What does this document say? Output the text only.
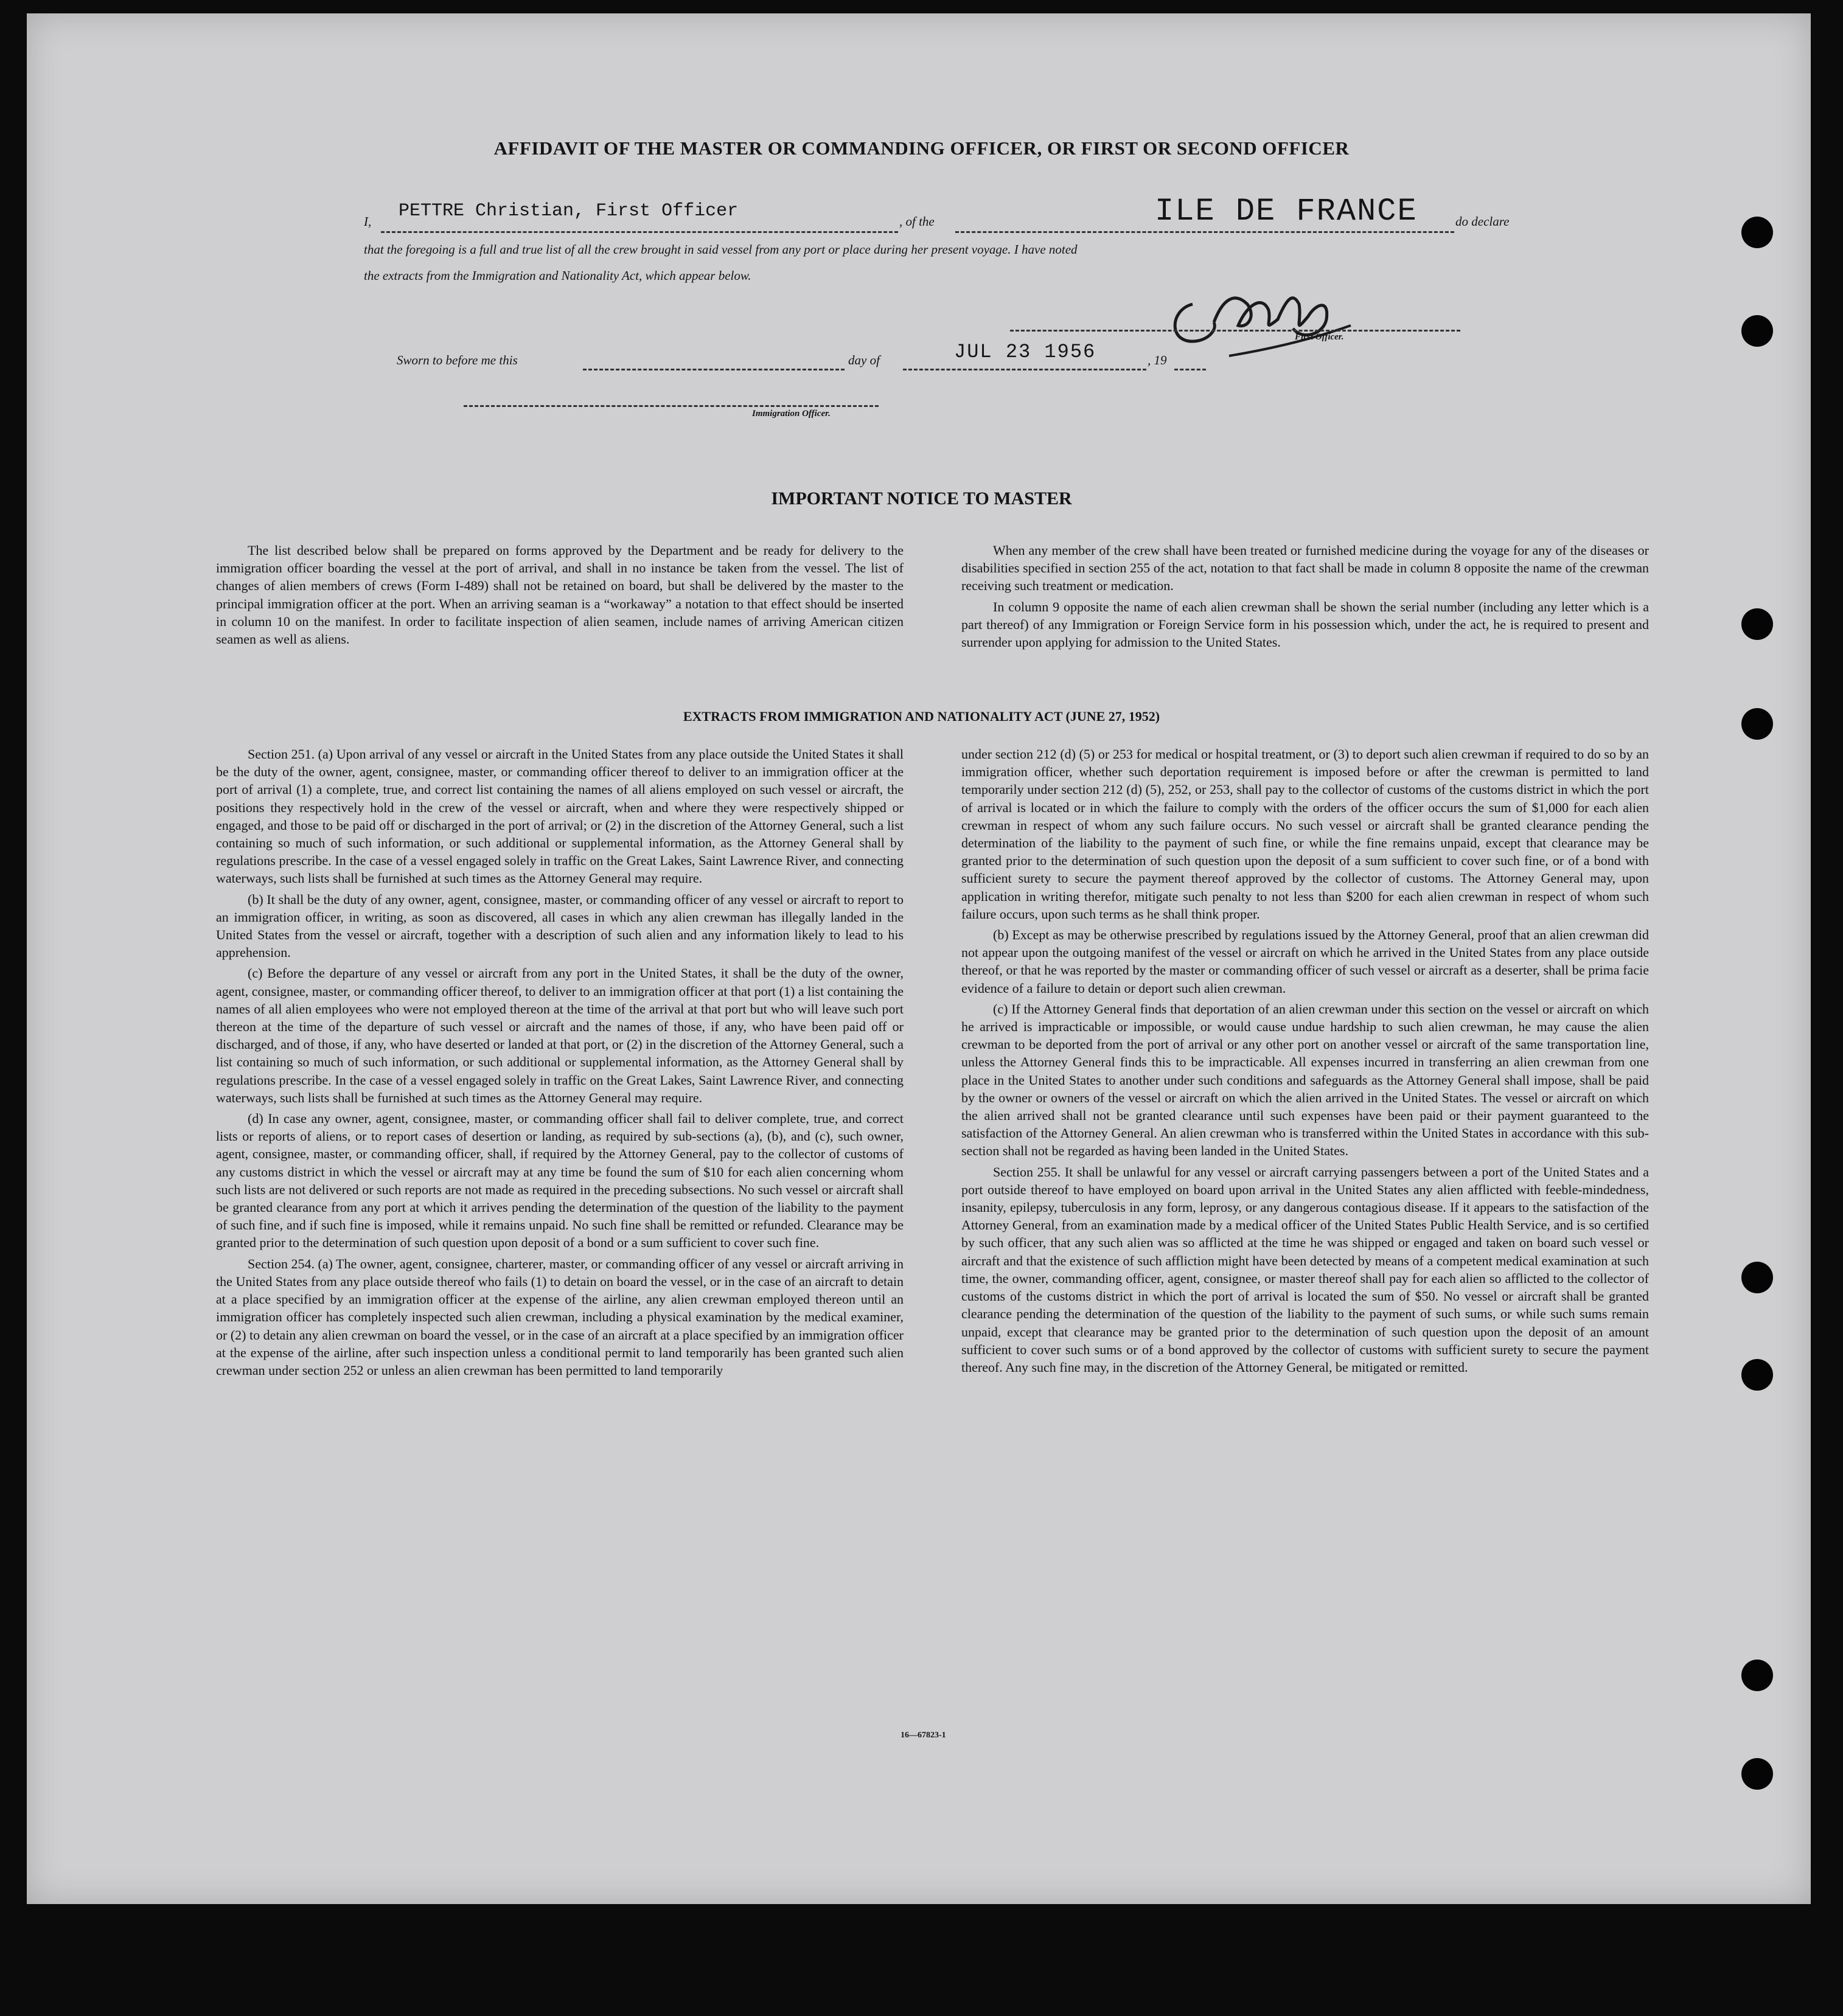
AFFIDAVIT OF THE MASTER OR COMMANDING OFFICER, OR FIRST OR SECOND OFFICER
I, PETTRE Christian, First Officer	, of the	ILE DE FRANCE	do declare
that the foregoing is a full and true list of all the crew brought in said vessel from any port or place during her present voyage. I have noted
the extracts from the Immigration and Nationality Act, which appear below.
First Officer.
Sworn to before me this	day of	JUL 23 1956	, 19
Immigration Officer.
IMPORTANT NOTICE TO MASTER

The list described below shall be prepared on forms approved by the Department and be ready for delivery to the immigration officer boarding the vessel at the port of arrival, and shall in no instance be taken from the vessel. The list of changes of alien members of crews (Form I-489) shall not be retained on board, but shall be delivered by the master to the principal immigration officer at the port. When an arriving seaman is a “workaway” a notation to that effect should be inserted in column 10 on the manifest. In order to facilitate inspection of alien seamen, include names of arriving American citizen seamen as well as aliens.

When any member of the crew shall have been treated or furnished medicine during the voyage for any of the diseases or disabilities specified in section 255 of the act, notation to that fact shall be made in column 8 opposite the name of the crewman receiving such treatment or medication.

In column 9 opposite the name of each alien crewman shall be shown the serial number (including any letter which is a part thereof) of any Immigration or Foreign Service form in his possession which, under the act, he is required to present and surrender upon applying for admission to the United States.

EXTRACTS FROM IMMIGRATION AND NATIONALITY ACT (JUNE 27, 1952)

Section 251. (a) Upon arrival of any vessel or aircraft in the United States from any place outside the United States it shall be the duty of the owner, agent, consignee, master, or commanding officer thereof to deliver to an immigration officer at the port of arrival (1) a complete, true, and correct list containing the names of all aliens employed on such vessel or aircraft, the positions they respectively hold in the crew of the vessel or aircraft, when and where they were respectively shipped or engaged, and those to be paid off or discharged in the port of arrival; or (2) in the discretion of the Attorney General, such a list containing so much of such information, or such additional or supplemental information, as the Attorney General shall by regulations prescribe. In the case of a vessel engaged solely in traffic on the Great Lakes, Saint Lawrence River, and connecting waterways, such lists shall be furnished at such times as the Attorney General may require.

(b) It shall be the duty of any owner, agent, consignee, master, or commanding officer of any vessel or aircraft to report to an immigration officer, in writing, as soon as discovered, all cases in which any alien crewman has illegally landed in the United States from the vessel or aircraft, together with a description of such alien and any information likely to lead to his apprehension.

(c) Before the departure of any vessel or aircraft from any port in the United States, it shall be the duty of the owner, agent, consignee, master, or commanding officer thereof, to deliver to an immigration officer at that port (1) a list containing the names of all alien employees who were not employed thereon at the time of the arrival at that port but who will leave such port thereon at the time of the departure of such vessel or aircraft and the names of those, if any, who have been paid off or discharged, and of those, if any, who have deserted or landed at that port, or (2) in the discretion of the Attorney General, such a list containing so much of such information, or such additional or supplemental information, as the Attorney General shall by regulations prescribe. In the case of a vessel engaged solely in traffic on the Great Lakes, Saint Lawrence River, and connecting waterways, such lists shall be furnished at such times as the Attorney General may require.

(d) In case any owner, agent, consignee, master, or commanding officer shall fail to deliver complete, true, and correct lists or reports of aliens, or to report cases of desertion or landing, as required by sub-sections (a), (b), and (c), such owner, agent, consignee, master, or commanding officer, shall, if required by the Attorney General, pay to the collector of customs of any customs district in which the vessel or aircraft may at any time be found the sum of $10 for each alien concerning whom such lists are not delivered or such reports are not made as required in the preceding subsections. No such vessel or aircraft shall be granted clearance from any port at which it arrives pending the determination of the question of the liability to the payment of such fine, and if such fine is imposed, while it remains unpaid. No such fine shall be remitted or refunded. Clearance may be granted prior to the determination of such question upon deposit of a bond or a sum sufficient to cover such fine.

Section 254. (a) The owner, agent, consignee, charterer, master, or commanding officer of any vessel or aircraft arriving in the United States from any place outside thereof who fails (1) to detain on board the vessel, or in the case of an aircraft to detain at a place specified by an immigration officer at the expense of the airline, any alien crewman employed thereon until an immigration officer has completely inspected such alien crewman, including a physical examination by the medical examiner, or (2) to detain any alien crewman on board the vessel, or in the case of an aircraft at a place specified by an immigration officer at the expense of the airline, after such inspection unless a conditional permit to land temporarily has been granted such alien crewman under section 252 or unless an alien crewman has been permitted to land temporarily

under section 212 (d) (5) or 253 for medical or hospital treatment, or (3) to deport such alien crewman if required to do so by an immigration officer, whether such deportation requirement is imposed before or after the crewman is permitted to land temporarily under section 212 (d) (5), 252, or 253, shall pay to the collector of customs of the customs district in which the port of arrival is located or in which the failure to comply with the orders of the officer occurs the sum of $1,000 for each alien crewman in respect of whom any such failure occurs. No such vessel or aircraft shall be granted clearance pending the determination of the liability to the payment of such fine, or while the fine remains unpaid, except that clearance may be granted prior to the determination of such question upon the deposit of a sum sufficient to cover such fine, or of a bond with sufficient surety to secure the payment thereof approved by the collector of customs. The Attorney General may, upon application in writing therefor, mitigate such penalty to not less than $200 for each alien crewman in respect of whom such failure occurs, upon such terms as he shall think proper.

(b) Except as may be otherwise prescribed by regulations issued by the Attorney General, proof that an alien crewman did not appear upon the outgoing manifest of the vessel or aircraft on which he arrived in the United States from any place outside thereof, or that he was reported by the master or commanding officer of such vessel or aircraft as a deserter, shall be prima facie evidence of a failure to detain or deport such alien crewman.

(c) If the Attorney General finds that deportation of an alien crewman under this section on the vessel or aircraft on which he arrived is impracticable or impossible, or would cause undue hardship to such alien crewman, he may cause the alien crewman to be deported from the port of arrival or any other port on another vessel or aircraft of the same transportation line, unless the Attorney General finds this to be impracticable. All expenses incurred in transferring an alien crewman from one place in the United States to another under such conditions and safeguards as the Attorney General shall impose, shall be paid by the owner or owners of the vessel or aircraft on which the alien arrived in the United States. The vessel or aircraft on which the alien arrived shall not be granted clearance until such expenses have been paid or their payment guaranteed to the satisfaction of the Attorney General. An alien crewman who is transferred within the United States in accordance with this sub-section shall not be regarded as having been landed in the United States.

Section 255. It shall be unlawful for any vessel or aircraft carrying passengers between a port of the United States and a port outside thereof to have employed on board upon arrival in the United States any alien afflicted with feeble-mindedness, insanity, epilepsy, tuberculosis in any form, leprosy, or any dangerous contagious disease. If it appears to the satisfaction of the Attorney General, from an examination made by a medical officer of the United States Public Health Service, and is so certified by such officer, that any such alien was so afflicted at the time he was shipped or engaged and taken on board such vessel or aircraft and that the existence of such affliction might have been detected by means of a competent medical examination at such time, the owner, commanding officer, agent, consignee, or master thereof shall pay for each alien so afflicted to the collector of customs of the customs district in which the port of arrival is located the sum of $50. No vessel or aircraft shall be granted clearance pending the determination of the question of the liability to the payment of such sums, or while such sums remain unpaid, except that clearance may be granted prior to the determination of such question upon the deposit of an amount sufficient to cover such sums or of a bond approved by the collector of customs with sufficient surety to secure the payment thereof. Any such fine may, in the discretion of the Attorney General, be mitigated or remitted.

16—67823-1
